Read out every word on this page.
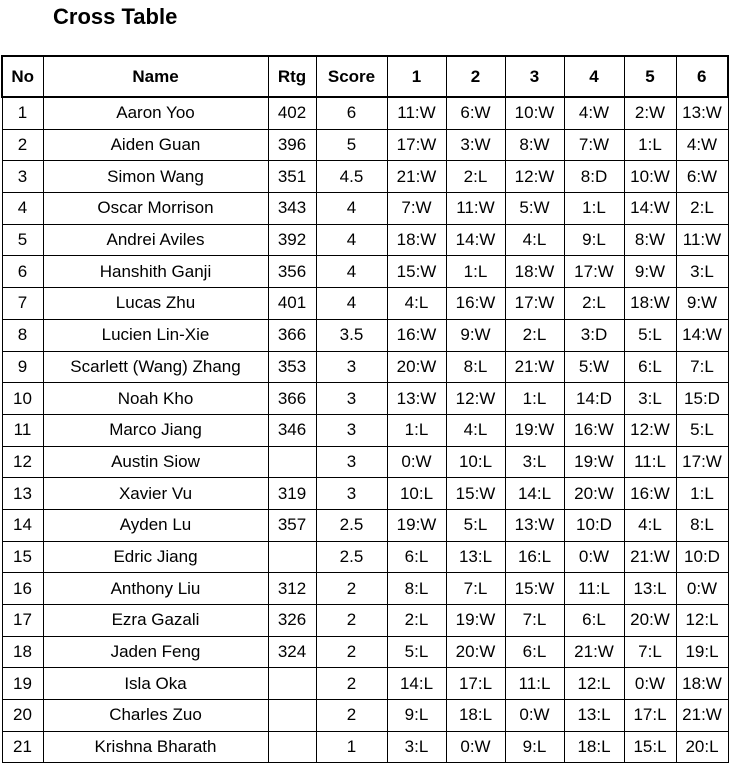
Cross Table
No	Name	Rtg	Score	1	2	3	4	5	6
1	Aaron Yoo	402	6	11:W	6:W	10:W	4:W	2:W	13:W
2	Aiden Guan	396	5	17:W	3:W	8:W	7:W	1:L	4:W
3	Simon Wang	351	4.5	21:W	2:L	12:W	8:D	10:W	6:W
4	Oscar Morrison	343	4	7:W	11:W	5:W	1:L	14:W	2:L
5	Andrei Aviles	392	4	18:W	14:W	4:L	9:L	8:W	11:W
6	Hanshith Ganji	356	4	15:W	1:L	18:W	17:W	9:W	3:L
7	Lucas Zhu	401	4	4:L	16:W	17:W	2:L	18:W	9:W
8	Lucien Lin-Xie	366	3.5	16:W	9:W	2:L	3:D	5:L	14:W
9	Scarlett (Wang) Zhang	353	3	20:W	8:L	21:W	5:W	6:L	7:L
10	Noah Kho	366	3	13:W	12:W	1:L	14:D	3:L	15:D
11	Marco Jiang	346	3	1:L	4:L	19:W	16:W	12:W	5:L
12	Austin Siow		3	0:W	10:L	3:L	19:W	11:L	17:W
13	Xavier Vu	319	3	10:L	15:W	14:L	20:W	16:W	1:L
14	Ayden Lu	357	2.5	19:W	5:L	13:W	10:D	4:L	8:L
15	Edric Jiang		2.5	6:L	13:L	16:L	0:W	21:W	10:D
16	Anthony Liu	312	2	8:L	7:L	15:W	11:L	13:L	0:W
17	Ezra Gazali	326	2	2:L	19:W	7:L	6:L	20:W	12:L
18	Jaden Feng	324	2	5:L	20:W	6:L	21:W	7:L	19:L
19	Isla Oka		2	14:L	17:L	11:L	12:L	0:W	18:W
20	Charles Zuo		2	9:L	18:L	0:W	13:L	17:L	21:W
21	Krishna Bharath		1	3:L	0:W	9:L	18:L	15:L	20:L
